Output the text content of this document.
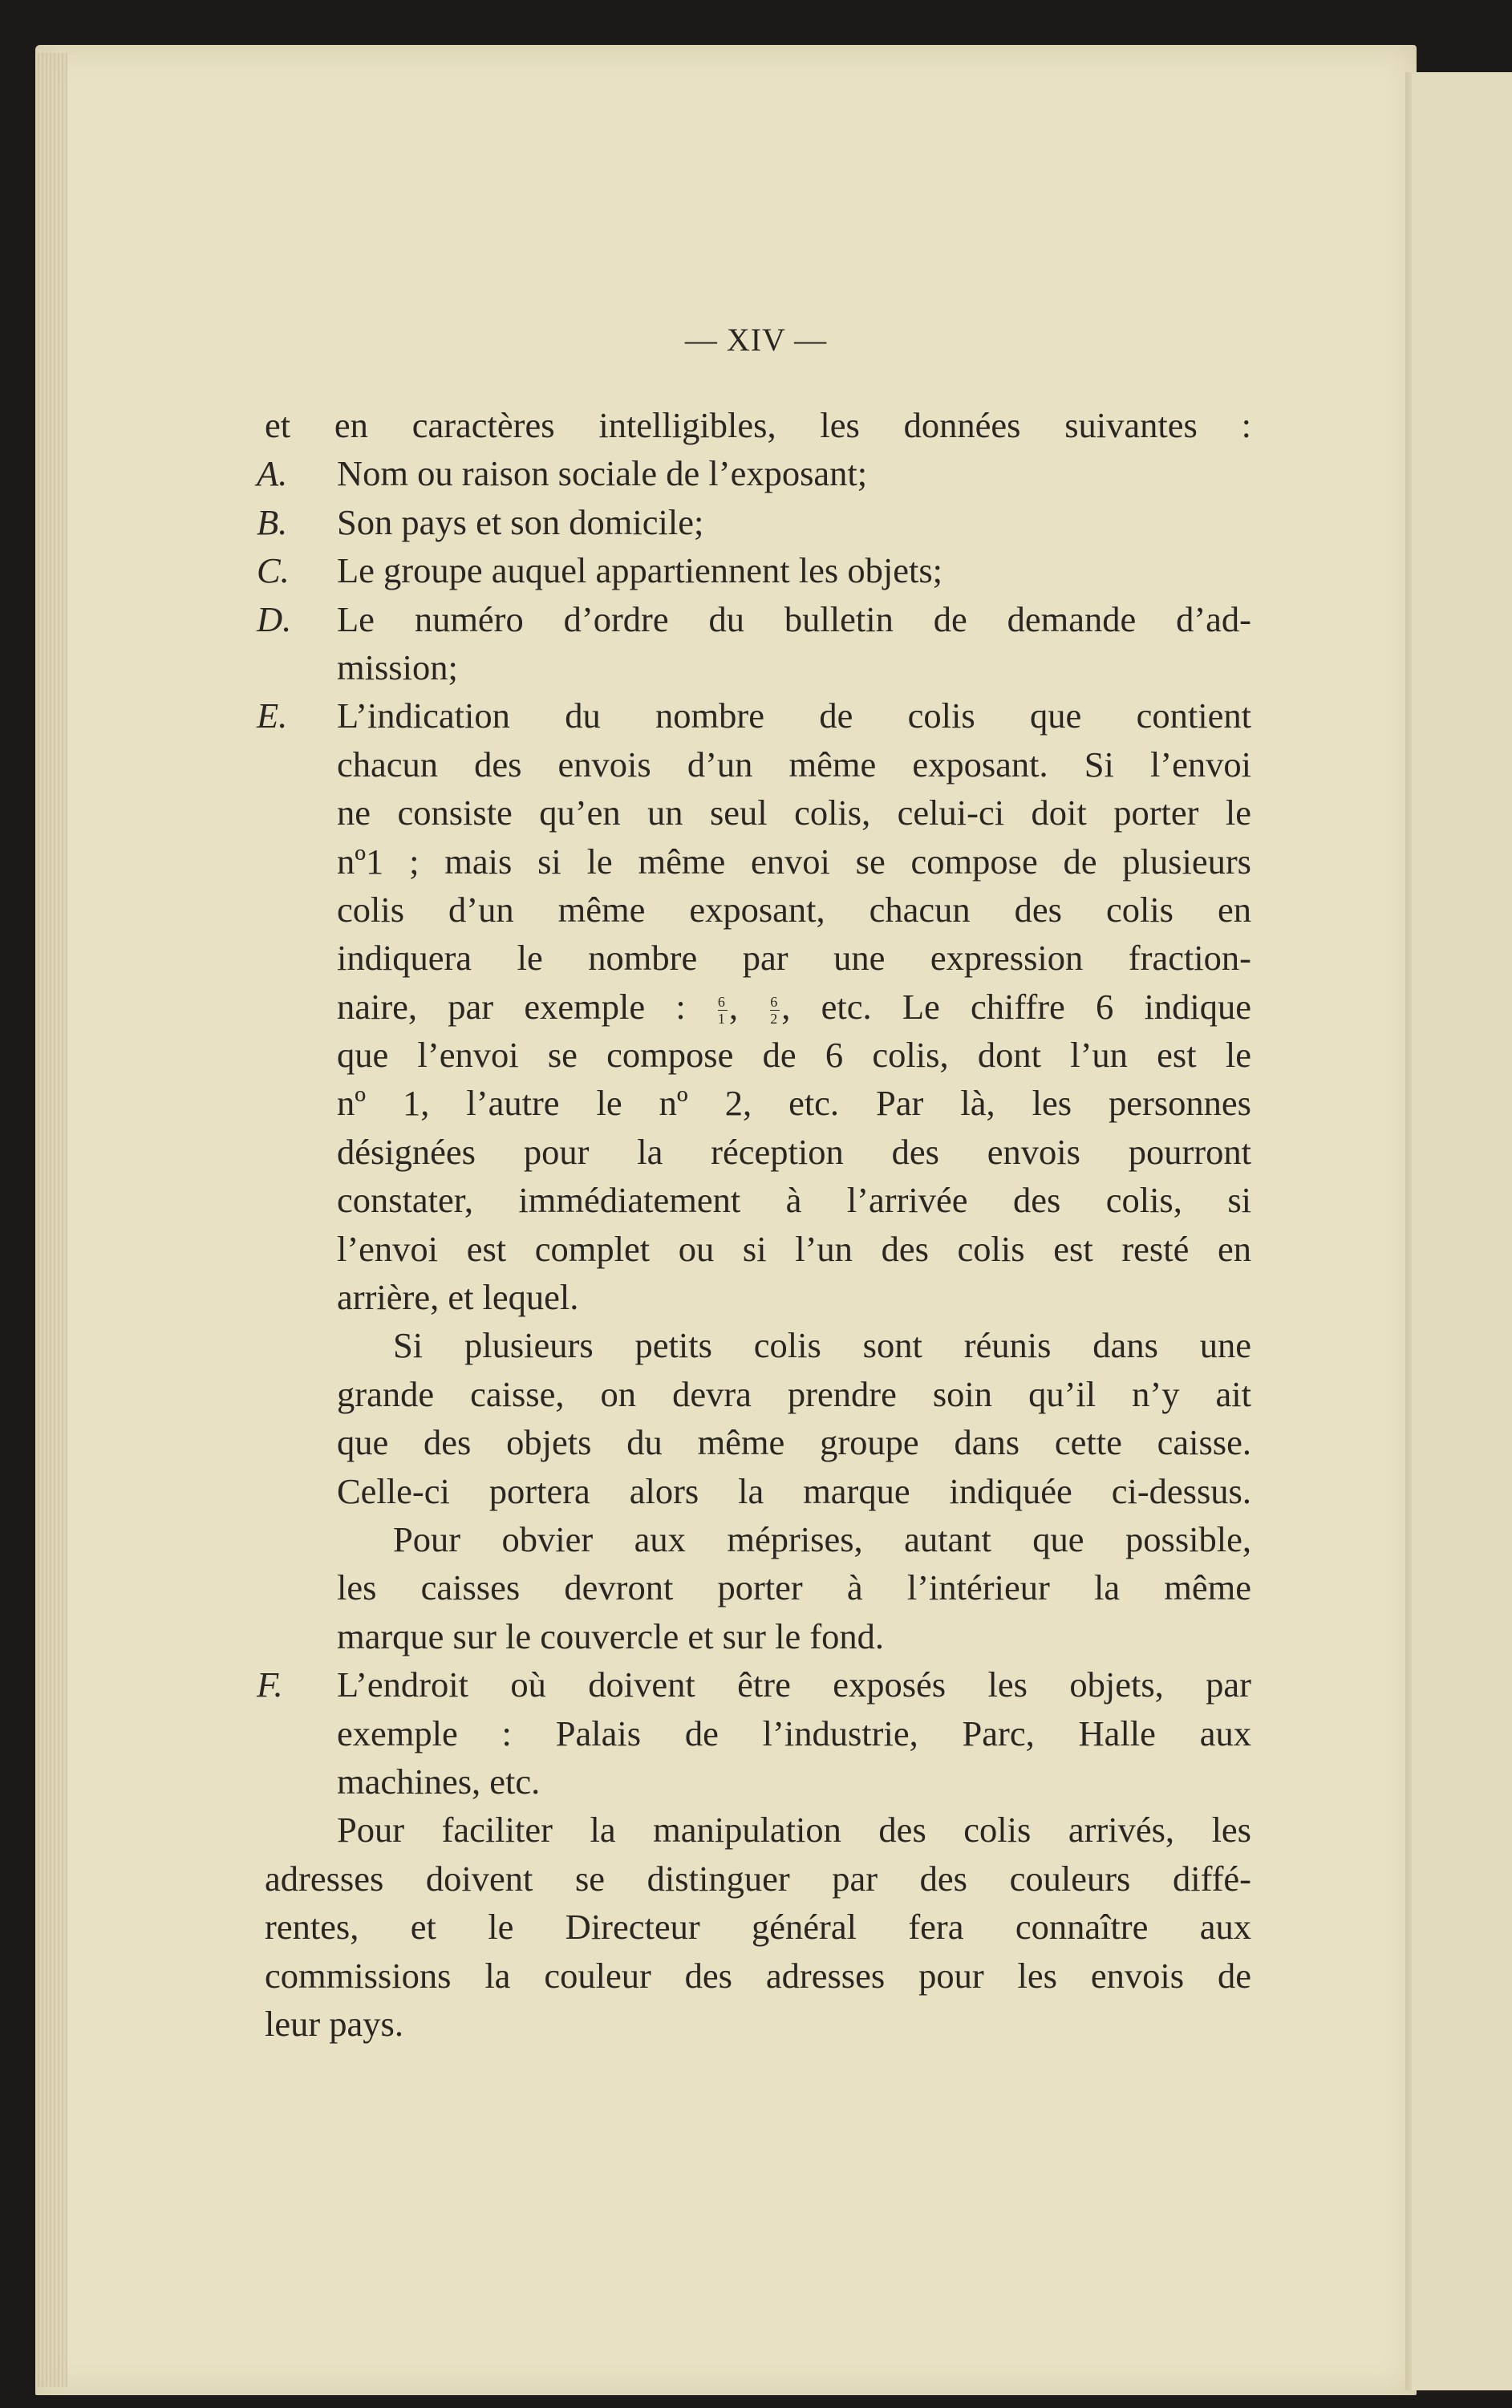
— XIV —
et en caractères intelligibles, les données suivantes :
A.	Nom ou raison sociale de l’exposant;
B.	Son pays et son domicile;
C.	Le groupe auquel appartiennent les objets;
D.	Le numéro d’ordre du bulletin de demande d’ad-
mission;
E.	L’indication du nombre de colis que contient
chacun des envois d’un même exposant. Si l’envoi
ne consiste qu’en un seul colis, celui-ci doit porter le
nº1 ; mais si le même envoi se compose de plusieurs
colis d’un même exposant, chacun des colis en
indiquera le nombre par une expression fraction-
naire, par exemple : $\frac{6}{1}$ , $\frac{6}{2}$ , etc. Le chiffre 6 indique
que l’envoi se compose de 6 colis, dont l’un est le
nº 1, l’autre le nº 2, etc. Par là, les personnes
désignées pour la réception des envois pourront
constater, immédiatement à l’arrivée des colis, si
l’envoi est complet ou si l’un des colis est resté en
arrière, et lequel.
Si plusieurs petits colis sont réunis dans une
grande caisse, on devra prendre soin qu’il n’y ait
que des objets du même groupe dans cette caisse.
Celle-ci portera alors la marque indiquée ci-dessus.
Pour obvier aux méprises, autant que possible,
les caisses devront porter à l’intérieur la même
marque sur le couvercle et sur le fond.
F.	L’endroit où doivent être exposés les objets, par
exemple : Palais de l’industrie, Parc, Halle aux
machines, etc.
Pour faciliter la manipulation des colis arrivés, les
adresses doivent se distinguer par des couleurs diffé-
rentes, et le Directeur général fera connaître aux
commissions la couleur des adresses pour les envois de
leur pays.
